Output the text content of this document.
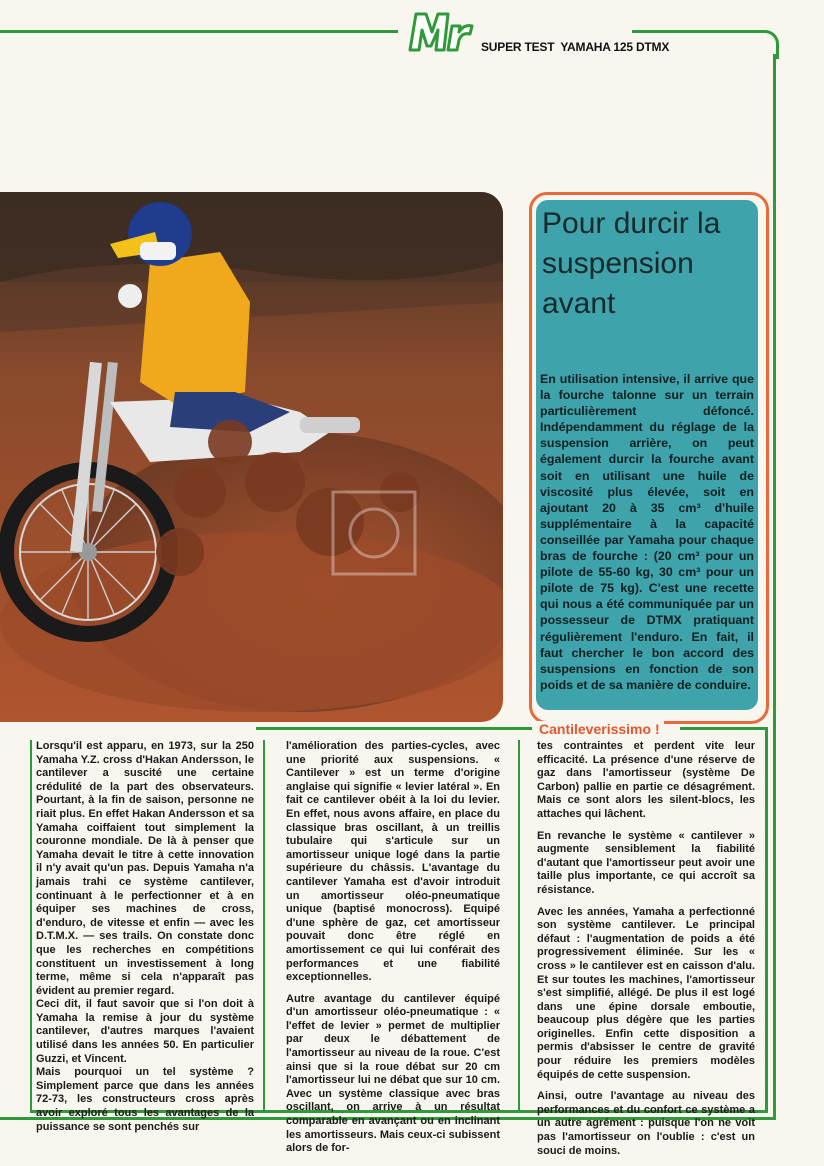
SUPER TEST YAMAHA 125 DTMX
Pour durcir la suspension avant
En utilisation intensive, il arrive que la fourche talonne sur un terrain particulièrement défoncé. Indépendamment du réglage de la suspension arrière, on peut également durcir la fourche avant soit en utilisant une huile de viscosité plus élevée, soit en ajoutant 20 à 35 cm³ d'huile supplémentaire à la capacité conseillée par Yamaha pour chaque bras de fourche : (20 cm³ pour un pilote de 55-60 kg, 30 cm³ pour un pilote de 75 kg). C'est une recette qui nous a été communiquée par un possesseur de DTMX pratiquant régulièrement l'enduro. En fait, il faut chercher le bon accord des suspensions en fonction de son poids et de sa manière de conduire.
Cantileverissimo !

Lorsqu'il est apparu, en 1973, sur la 250 Yamaha Y.Z. cross d'Hakan Andersson, le cantilever a suscité une certaine crédulité de la part des observateurs. Pourtant, à la fin de saison, personne ne riait plus. En effet Hakan Andersson et sa Yamaha coiffaient tout simplement la couronne mondiale. De là à penser que Yamaha devait le titre à cette innovation il n'y avait qu'un pas. Depuis Yamaha n'a jamais trahi ce système cantilever, continuant à le perfectionner et à en équiper ses machines de cross, d'enduro, de vitesse et enfin — avec les D.T.M.X. — ses trails. On constate donc que les recherches en compétitions constituent un investissement à long terme, même si cela n'apparaît pas évident au premier regard.

Ceci dit, il faut savoir que si l'on doit à Yamaha la remise à jour du système cantilever, d'autres marques l'avaient utilisé dans les années 50. En particulier Guzzi, et Vincent.

Mais pourquoi un tel système ? Simplement parce que dans les années 72-73, les constructeurs cross après avoir exploré tous les avantages de la puissance se sont penchés sur

l'amélioration des parties-cycles, avec une priorité aux suspensions. « Cantilever » est un terme d'origine anglaise qui signifie « levier latéral ». En fait ce cantilever obéit à la loi du levier. En effet, nous avons affaire, en place du classique bras oscillant, à un treillis tubulaire qui s'articule sur un amortisseur unique logé dans la partie supérieure du châssis. L'avantage du cantilever Yamaha est d'avoir introduit un amortisseur oléo-pneumatique unique (baptisé monocross). Equipé d'une sphère de gaz, cet amortisseur pouvait donc être réglé en amortissement ce qui lui conférait des performances et une fiabilité exceptionnelles.

Autre avantage du cantilever équipé d'un amortisseur oléo-pneumatique : « l'effet de levier » permet de multiplier par deux le débattement de l'amortisseur au niveau de la roue. C'est ainsi que si la roue débat sur 20 cm l'amortisseur lui ne débat que sur 10 cm. Avec un système classique avec bras oscillant, on arrive à un résultat comparable en avançant ou en inclinant les amortisseurs. Mais ceux-ci subissent alors de for-

tes contraintes et perdent vite leur efficacité. La présence d'une réserve de gaz dans l'amortisseur (système De Carbon) pallie en partie ce désagrément. Mais ce sont alors les silent-blocs, les attaches qui lâchent.

En revanche le système « cantilever » augmente sensiblement la fiabilité d'autant que l'amortisseur peut avoir une taille plus importante, ce qui accroît sa résistance.

Avec les années, Yamaha a perfectionné son système cantilever. Le principal défaut : l'augmentation de poids a été progressivement éliminée. Sur les « cross » le cantilever est en caisson d'alu. Et sur toutes les machines, l'amortisseur s'est simplifié, allégé. De plus il est logé dans une épine dorsale emboutie, beaucoup plus dégère que les parties originelles. Enfin cette disposition a permis d'absisser le centre de gravité pour réduire les premiers modèles équipés de cette suspension.

Ainsi, outre l'avantage au niveau des performances et du confort ce système a un autre agrément : puisque l'on ne voit pas l'amortisseur on l'oublie : c'est un souci de moins.
